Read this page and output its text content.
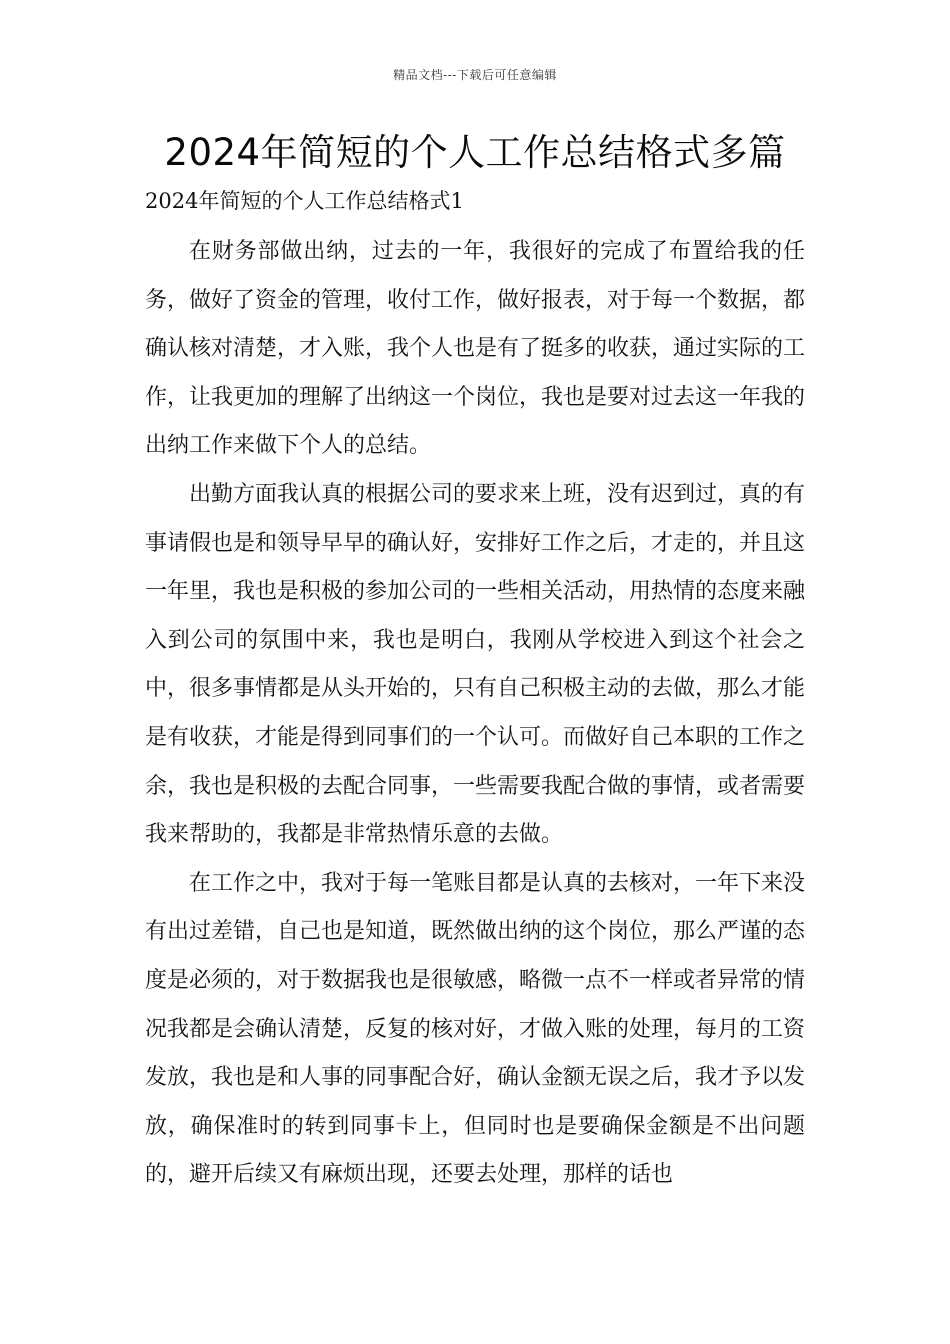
精品文档---下载后可任意编辑
2024年简短的个人工作总结格式多篇

2024年简短的个人工作总结格式1

在财务部做出纳，过去的一年，我很好的完成了布置给我的任务，做好了资金的管理，收付工作，做好报表，对于每一个数据，都确认核对清楚，才入账，我个人也是有了挺多的收获，通过实际的工作，让我更加的理解了出纳这一个岗位，我也是要对过去这一年我的出纳工作来做下个人的总结。

出勤方面我认真的根据公司的要求来上班，没有迟到过，真的有事请假也是和领导早早的确认好，安排好工作之后，才走的，并且这一年里，我也是积极的参加公司的一些相关活动，用热情的态度来融入到公司的氛围中来，我也是明白，我刚从学校进入到这个社会之中，很多事情都是从头开始的，只有自己积极主动的去做，那么才能是有收获，才能是得到同事们的一个认可。而做好自己本职的工作之余，我也是积极的去配合同事，一些需要我配合做的事情，或者需要我来帮助的，我都是非常热情乐意的去做。

在工作之中，我对于每一笔账目都是认真的去核对，一年下来没有出过差错，自己也是知道，既然做出纳的这个岗位，那么严谨的态度是必须的，对于数据我也是很敏感，略微一点不一样或者异常的情况我都是会确认清楚，反复的核对好，才做入账的处理，每月的工资发放，我也是和人事的同事配合好，确认金额无误之后，我才予以发放，确保准时的转到同事卡上，但同时也是要确保金额是不出问题的，避开后续又有麻烦出现，还要去处理，那样的话也
